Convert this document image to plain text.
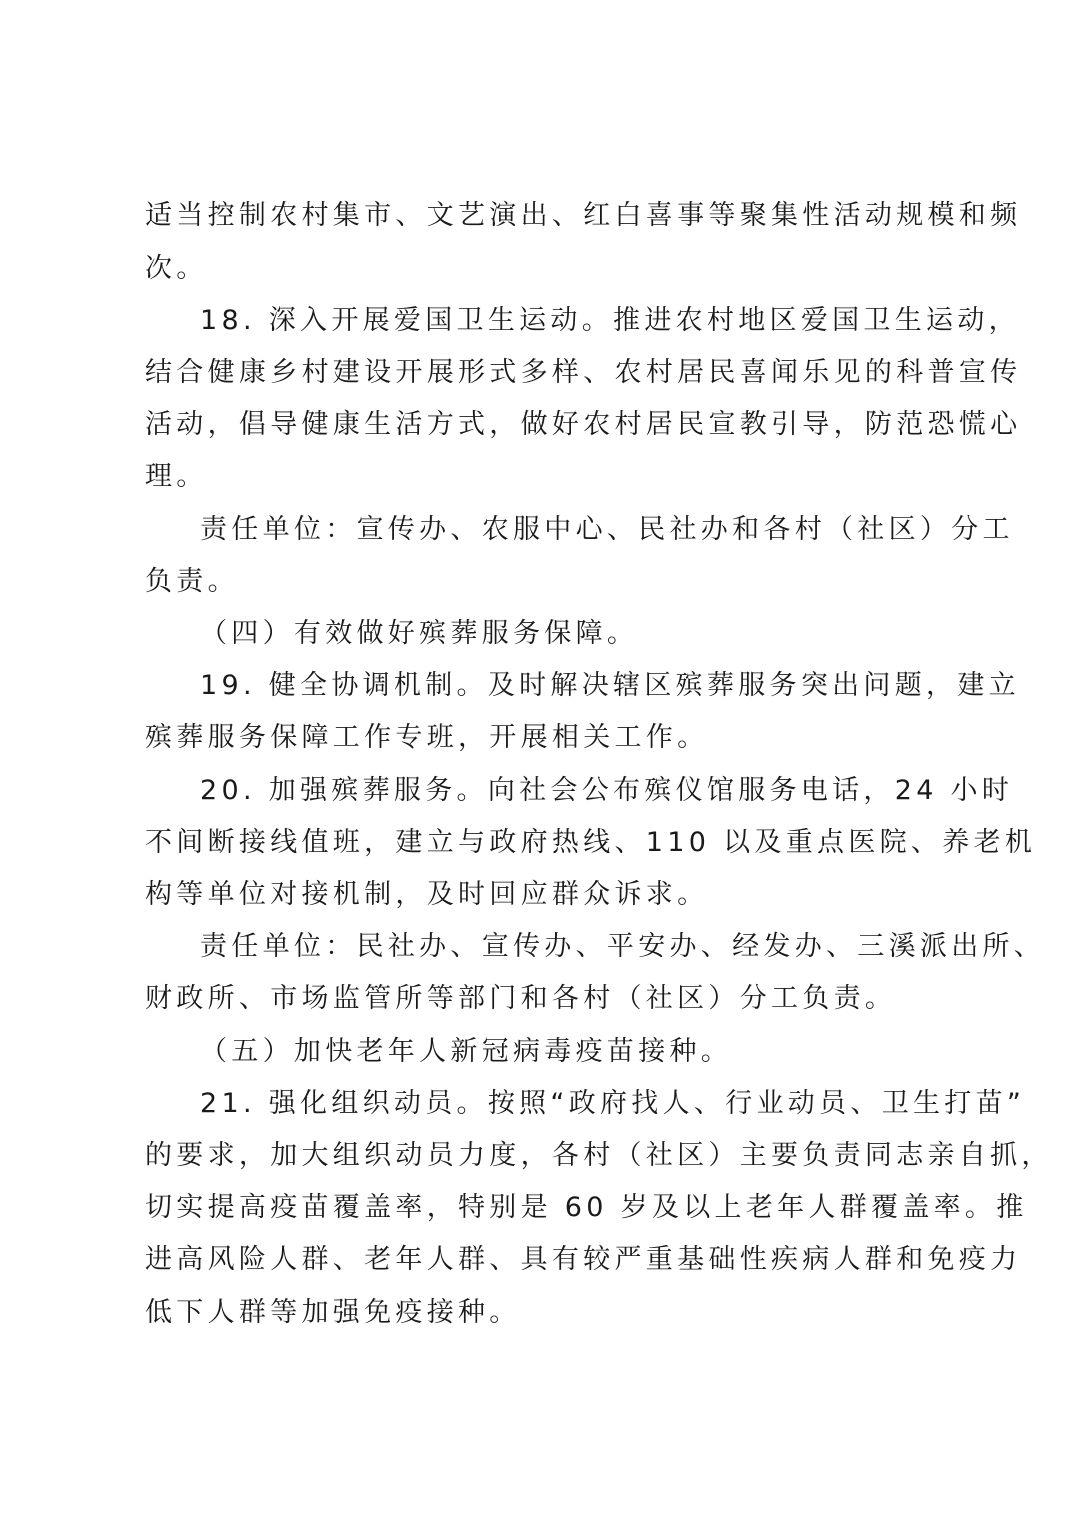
适当控制农村集市、文艺演出、红白喜事等聚集性活动规模和频
次。
18. 深入开展爱国卫生运动。推进农村地区爱国卫生运动，
结合健康乡村建设开展形式多样、农村居民喜闻乐见的科普宣传
活动，倡导健康生活方式，做好农村居民宣教引导，防范恐慌心
理。
责任单位：宣传办、农服中心、民社办和各村（社区）分工
负责。
（四）有效做好殡葬服务保障。
19. 健全协调机制。及时解决辖区殡葬服务突出问题，建立
殡葬服务保障工作专班，开展相关工作。
20. 加强殡葬服务。向社会公布殡仪馆服务电话，24 小时
不间断接线值班，建立与政府热线、110 以及重点医院、养老机
构等单位对接机制，及时回应群众诉求。
责任单位：民社办、宣传办、平安办、经发办、三溪派出所、
财政所、市场监管所等部门和各村（社区）分工负责。
（五）加快老年人新冠病毒疫苗接种。
21. 强化组织动员。按照“政府找人、行业动员、卫生打苗”
的要求，加大组织动员力度，各村（社区）主要负责同志亲自抓，
切实提高疫苗覆盖率，特别是 60 岁及以上老年人群覆盖率。推
进高风险人群、老年人群、具有较严重基础性疾病人群和免疫力
低下人群等加强免疫接种。
